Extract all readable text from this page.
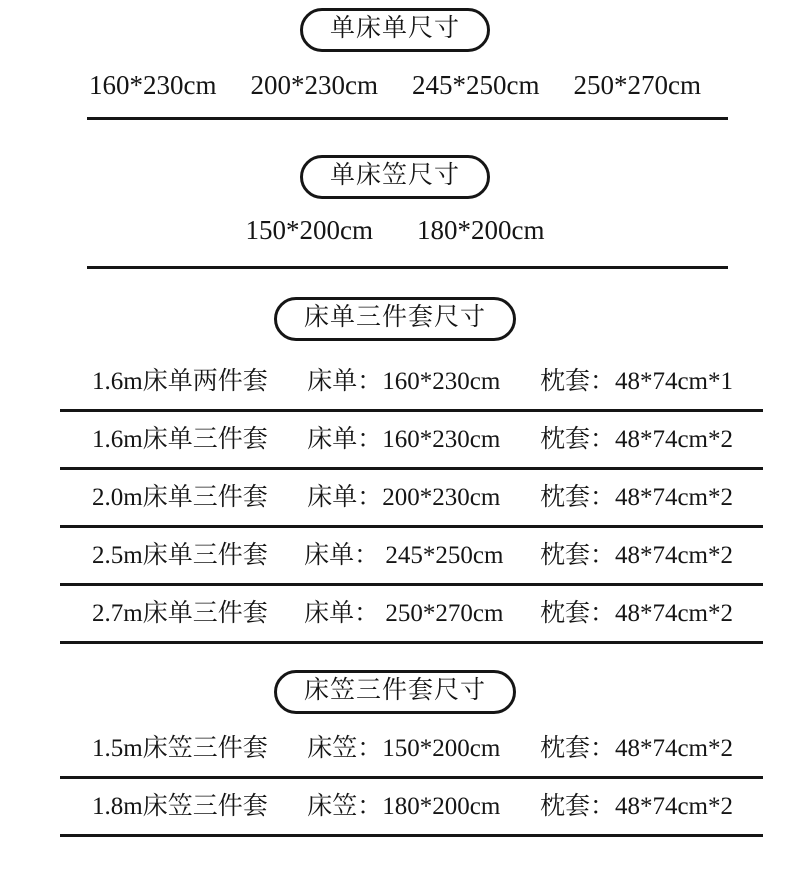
单床单尺寸
160*230cm 200*230cm 245*250cm 250*270cm
单床笠尺寸
150*200cm 180*200cm
床单三件套尺寸
1.6m床单两件套 床单：160*230cm 枕套：48*74cm*1
1.6m床单三件套 床单：160*230cm 枕套：48*74cm*2
2.0m床单三件套 床单：200*230cm 枕套：48*74cm*2
2.5m床单三件套 床单： 245*250cm 枕套：48*74cm*2
2.7m床单三件套 床单： 250*270cm 枕套：48*74cm*2
床笠三件套尺寸
1.5m床笠三件套 床笠：150*200cm 枕套：48*74cm*2
1.8m床笠三件套 床笠：180*200cm 枕套：48*74cm*2
